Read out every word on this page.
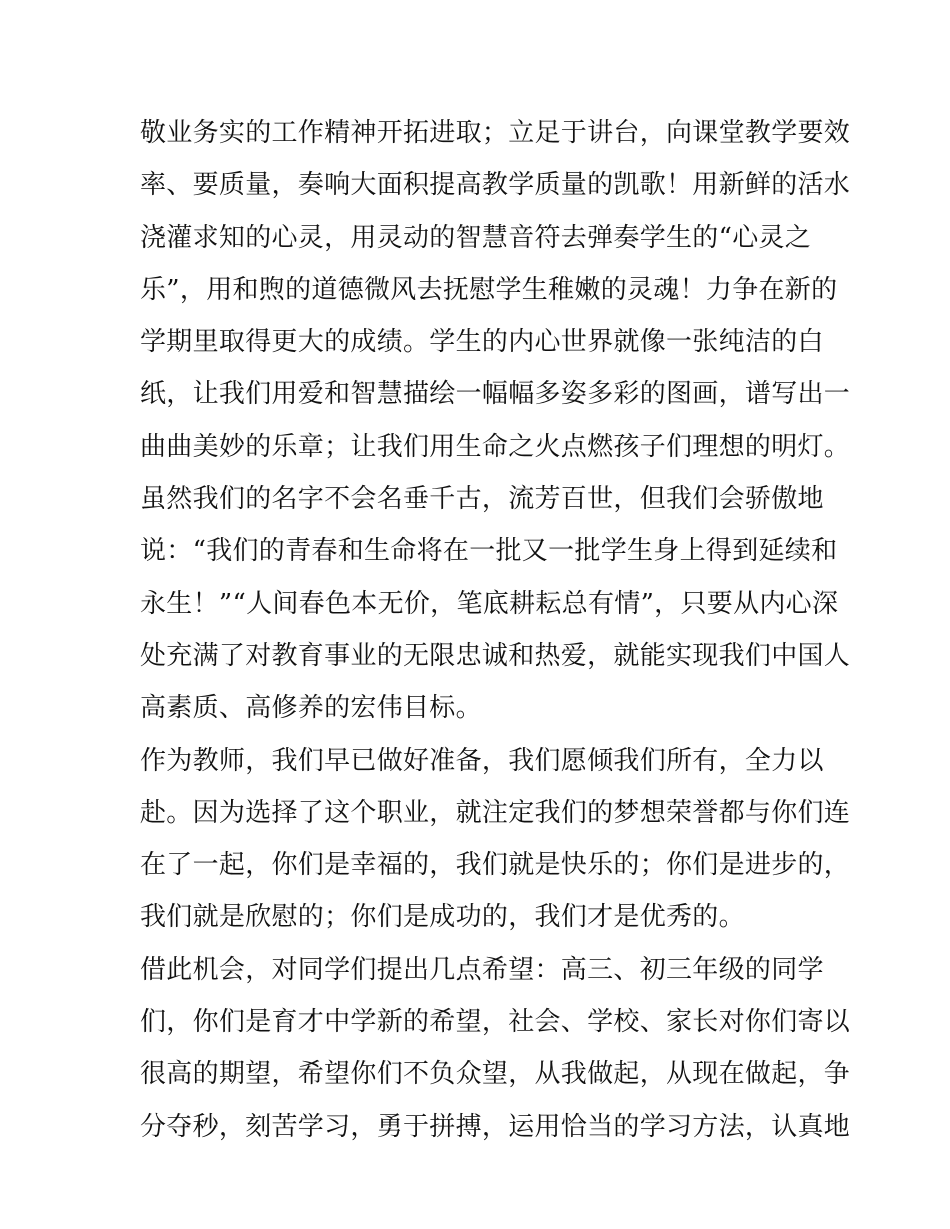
敬业务实的工作精神开拓进取；立足于讲台，向课堂教学要效
率、要质量，奏响大面积提高教学质量的凯歌！用新鲜的活水
浇灌求知的心灵，用灵动的智慧音符去弹奏学生的“心灵之
乐”，用和煦的道德微风去抚慰学生稚嫩的灵魂！力争在新的
学期里取得更大的成绩。学生的内心世界就像一张纯洁的白
纸，让我们用爱和智慧描绘一幅幅多姿多彩的图画，谱写出一
曲曲美妙的乐章；让我们用生命之火点燃孩子们理想的明灯。
虽然我们的名字不会名垂千古，流芳百世，但我们会骄傲地
说：“我们的青春和生命将在一批又一批学生身上得到延续和
永生！”“人间春色本无价，笔底耕耘总有情”，只要从内心深
处充满了对教育事业的无限忠诚和热爱，就能实现我们中国人
高素质、高修养的宏伟目标。
作为教师，我们早已做好准备，我们愿倾我们所有，全力以
赴。因为选择了这个职业，就注定我们的梦想荣誉都与你们连
在了一起，你们是幸福的，我们就是快乐的；你们是进步的，
我们就是欣慰的；你们是成功的，我们才是优秀的。
借此机会，对同学们提出几点希望：高三、初三年级的同学
们，你们是育才中学新的希望，社会、学校、家长对你们寄以
很高的期望，希望你们不负众望，从我做起，从现在做起，争
分夺秒，刻苦学习，勇于拼搏，运用恰当的学习方法，认真地
